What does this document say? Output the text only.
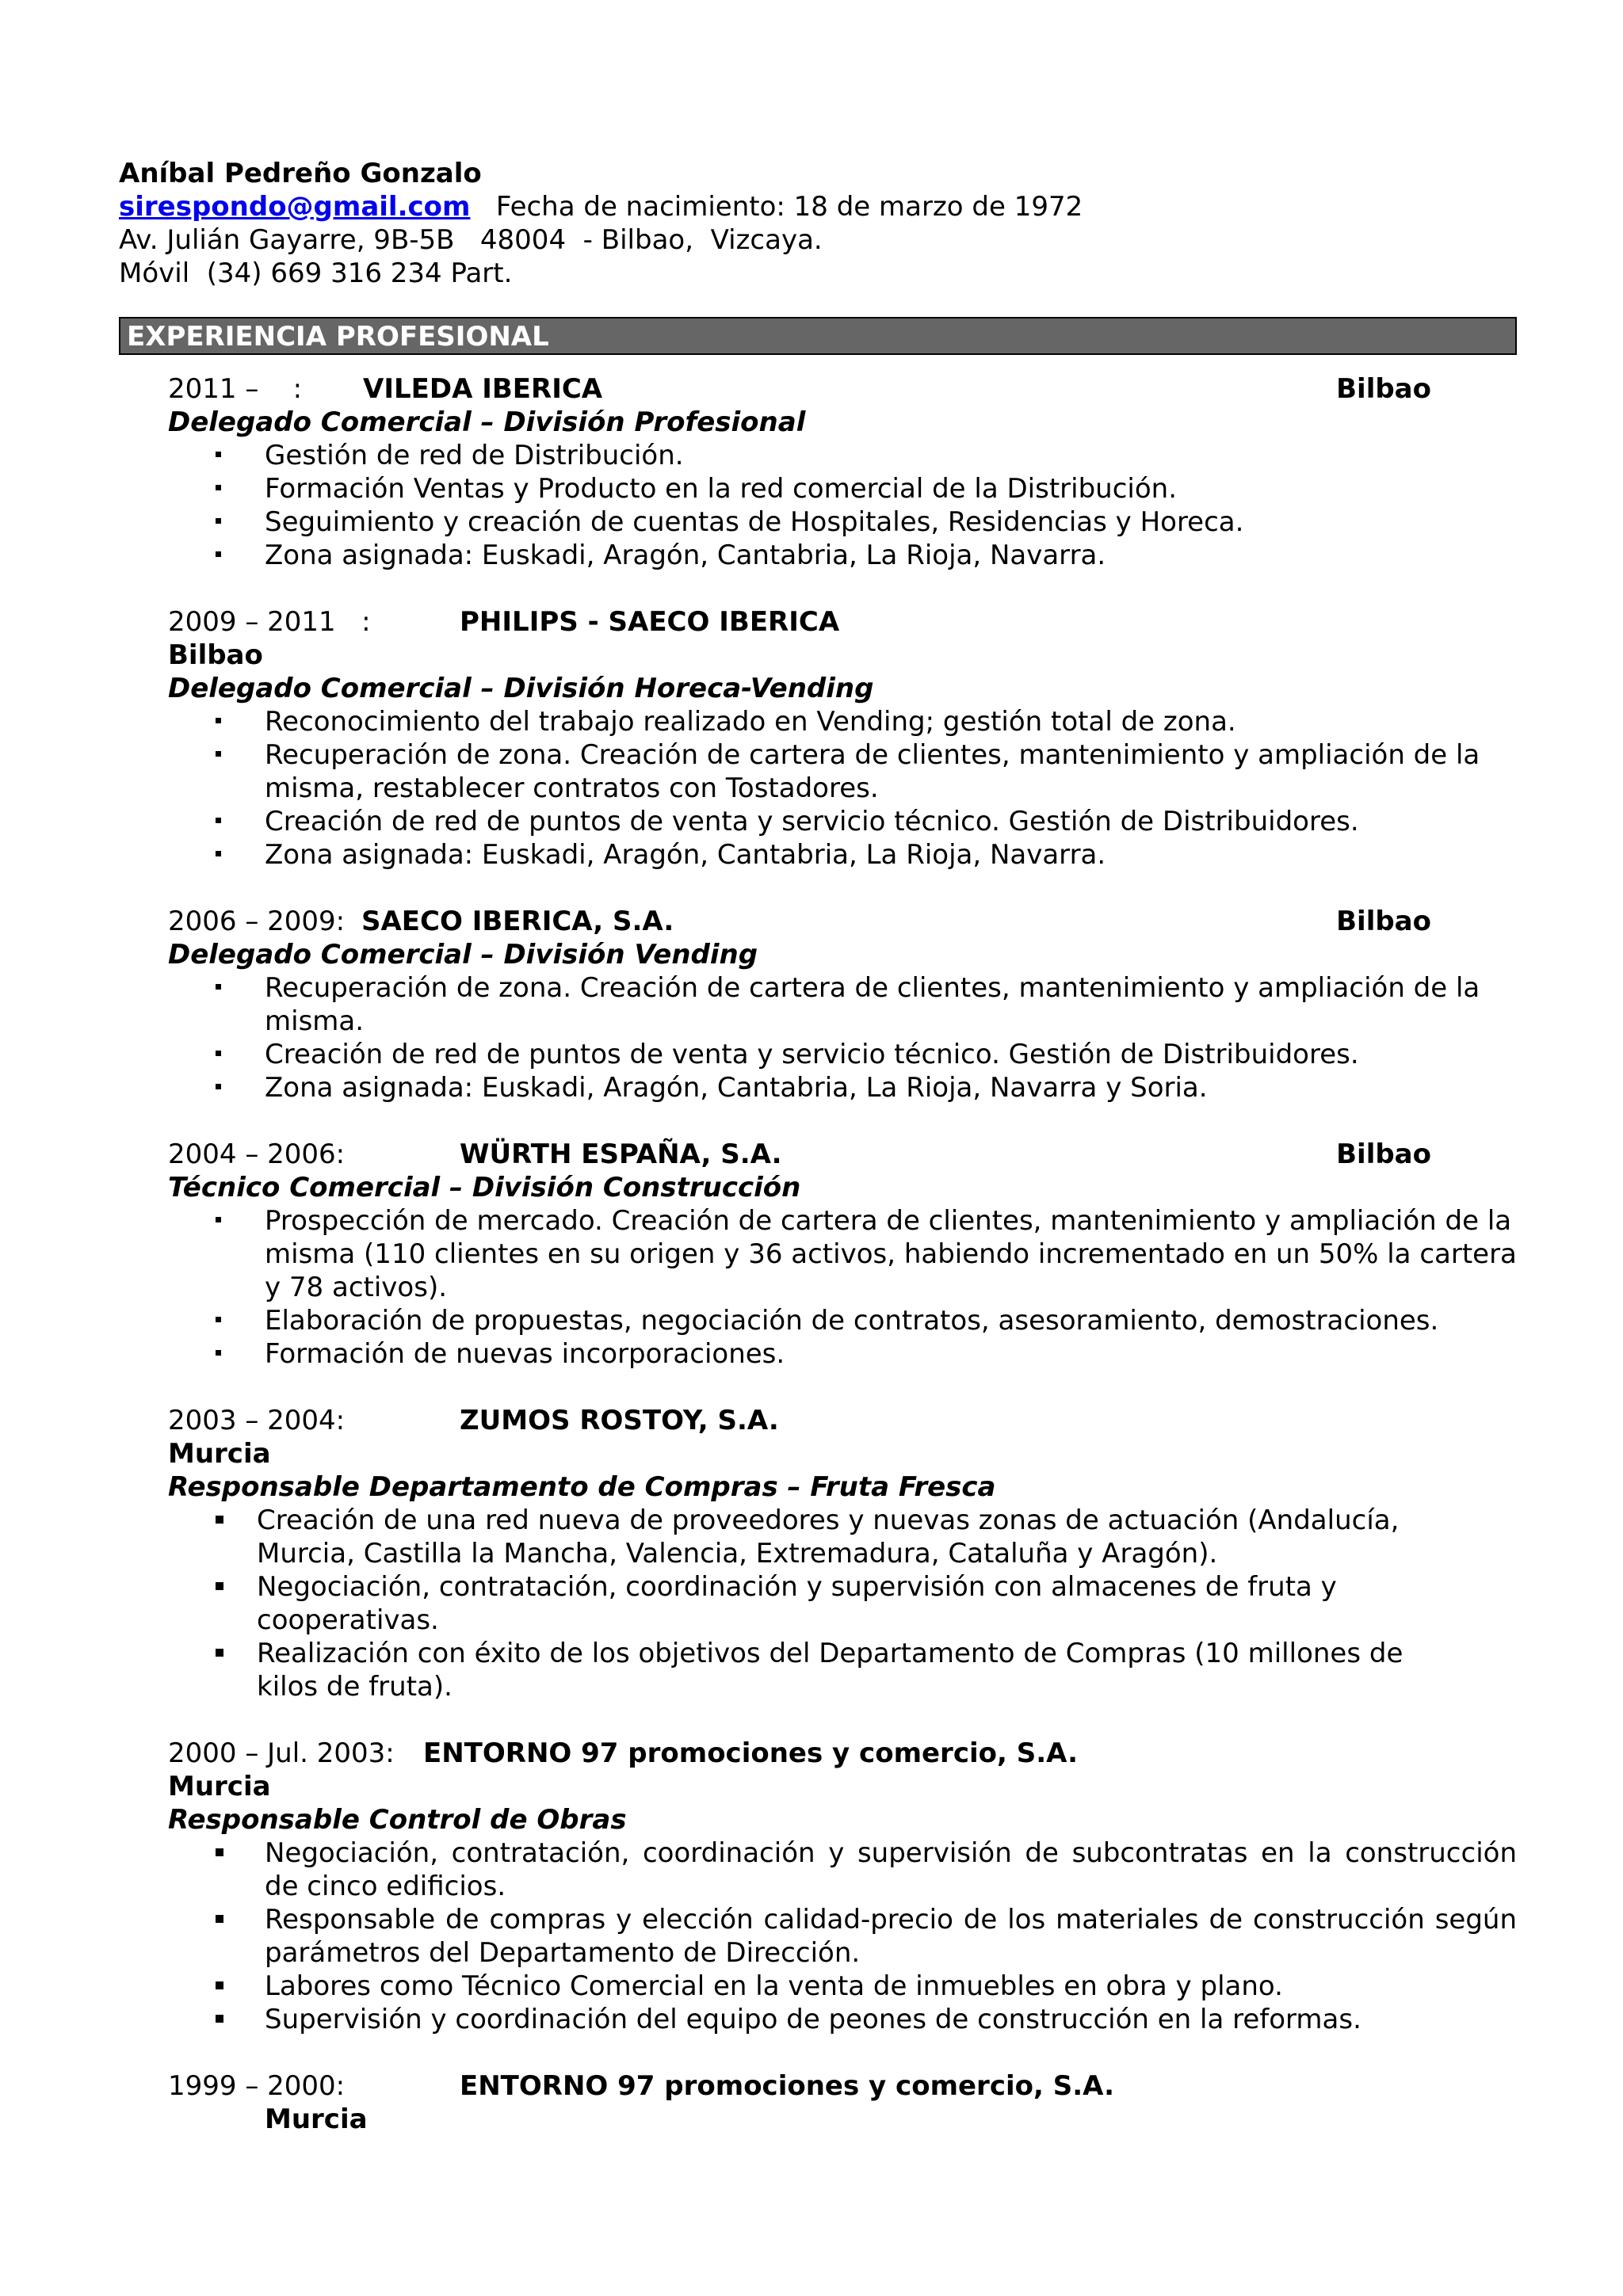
Aníbal Pedreño Gonzalo
sirespondo@gmail.com Fecha de nacimiento: 18 de marzo de 1972
Av. Julián Gayarre, 9B-5B   48004  - Bilbao,  Vizcaya.
Móvil  (34) 669 316 234 Part.
EXPERIENCIA PROFESIONAL

2011 –    :

VILEDA IBERICA

	Bilbao

Delegado Comercial – División Profesional
Gestión de red de Distribución.
Formación Ventas y Producto en la red comercial de la Distribución.
Seguimiento y creación de cuentas de Hospitales, Residencias y Horeca.
Zona asignada: Euskadi, Aragón, Cantabria, La Rioja, Navarra.

2009 – 2011   :

	PHILIPS - SAECO IBERICA

Bilbao
Delegado Comercial – División Horeca-Vending
Reconocimiento del trabajo realizado en Vending; gestión total de zona.
Recuperación de zona. Creación de cartera de clientes, mantenimiento y ampliación de la misma, restablecer contratos con Tostadores.
Creación de red de puntos de venta y servicio técnico. Gestión de Distribuidores.
Zona asignada: Euskadi, Aragón, Cantabria, La Rioja, Navarra.

2006 – 2009:

SAECO IBERICA, S.A.

	Bilbao

Delegado Comercial – División Vending
Recuperación de zona. Creación de cartera de clientes, mantenimiento y ampliación de la misma.
Creación de red de puntos de venta y servicio técnico. Gestión de Distribuidores.
Zona asignada: Euskadi, Aragón, Cantabria, La Rioja, Navarra y Soria.

2004 – 2006:

	WÜRTH ESPAÑA, S.A.

	Bilbao

Técnico Comercial – División Construcción
Prospección de mercado. Creación de cartera de clientes, mantenimiento y ampliación de la misma (110 clientes en su origen y 36 activos, habiendo incrementado en un 50% la cartera y 78 activos).
Elaboración de propuestas, negociación de contratos, asesoramiento, demostraciones.
Formación de nuevas incorporaciones.

2003 – 2004:

	ZUMOS ROSTOY, S.A.

Murcia
Responsable Departamento de Compras – Fruta Fresca
Creación de una red nueva de proveedores y nuevas zonas de actuación (Andalucía, Murcia, Castilla la Mancha, Valencia, Extremadura, Cataluña y Aragón).
Negociación, contratación, coordinación y supervisión con almacenes de fruta y cooperativas.
Realización con éxito de los objetivos del Departamento de Compras (10 millones de kilos de fruta).

2000 – Jul. 2003:

ENTORNO 97 promociones y comercio, S.A.

Murcia
Responsable Control de Obras
Negociación, contratación, coordinación y supervisión de subcontratas en la construcción de cinco edificios.
Responsable de compras y elección calidad-precio de los materiales de construcción según parámetros del Departamento de Dirección.
Labores como Técnico Comercial en la venta de inmuebles en obra y plano.
Supervisión y coordinación del equipo de peones de construcción en la reformas.

1999 – 2000:

	ENTORNO 97 promociones y comercio, S.A.

Murcia
